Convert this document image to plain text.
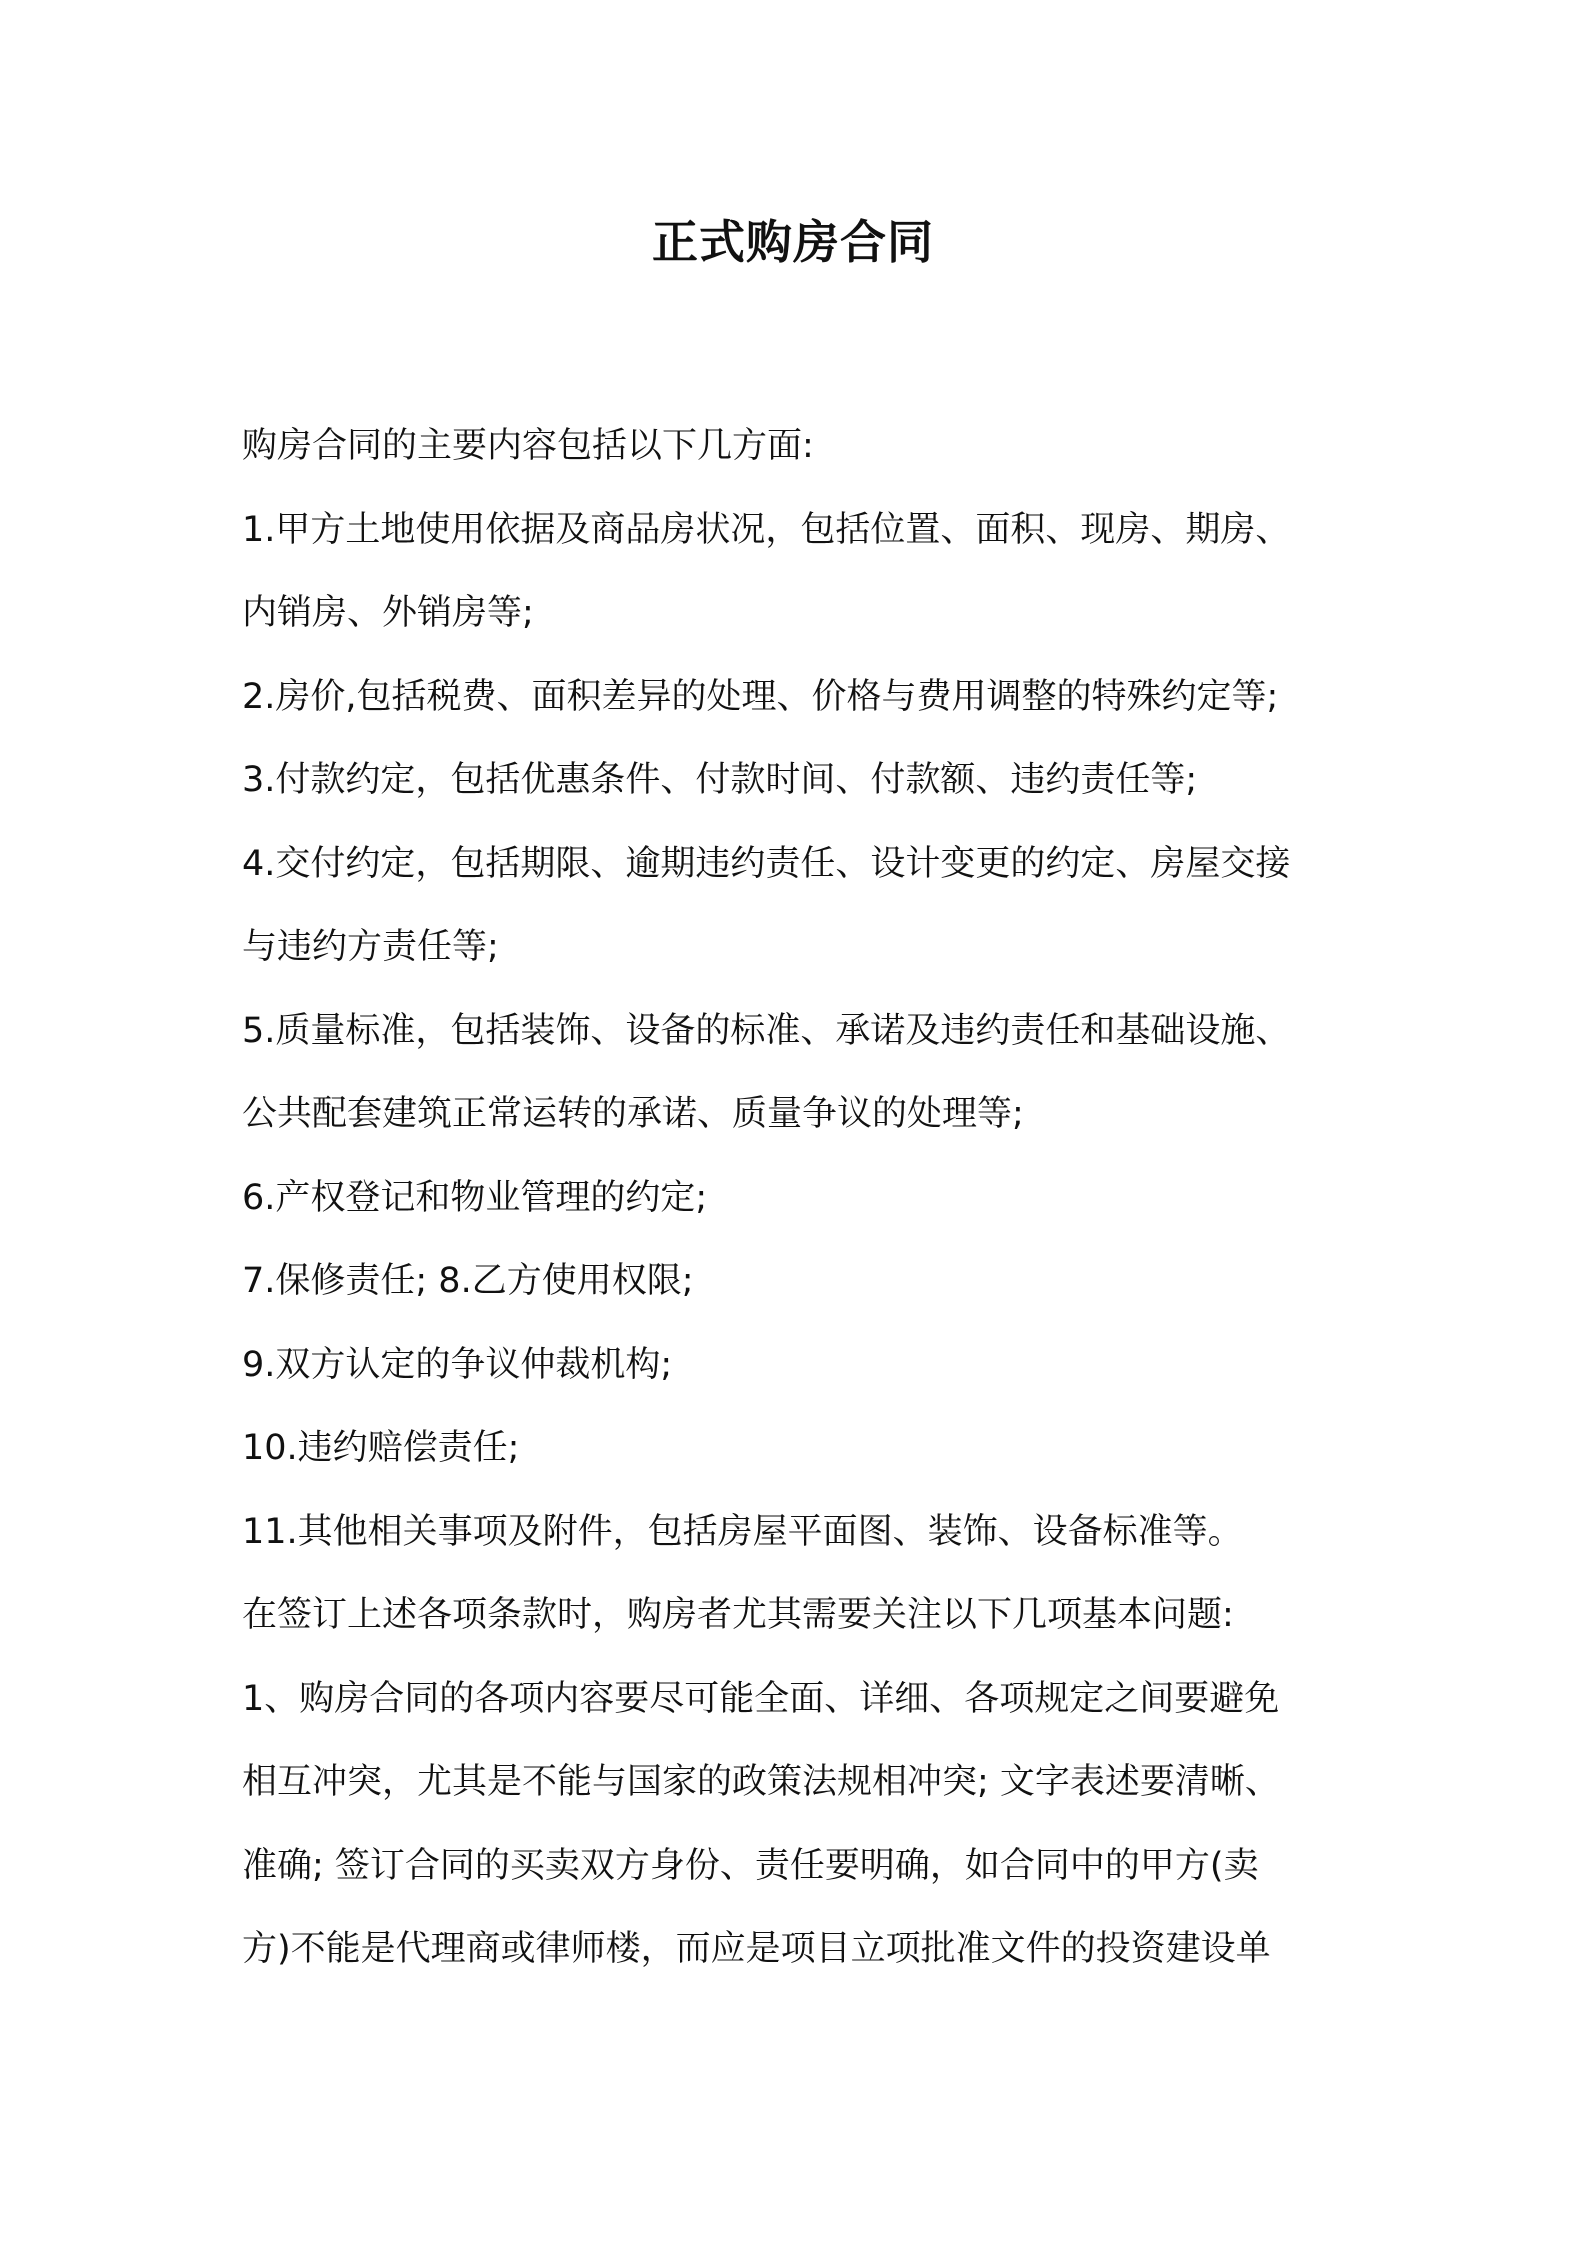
正式购房合同

购房合同的主要内容包括以下几方面:

1.甲方土地使用依据及商品房状况，包括位置、面积、现房、期房、

内销房、外销房等;

2.房价,包括税费、面积差异的处理、价格与费用调整的特殊约定等;

3.付款约定，包括优惠条件、付款时间、付款额、违约责任等;

4.交付约定，包括期限、逾期违约责任、设计变更的约定、房屋交接

与违约方责任等;

5.质量标准，包括装饰、设备的标准、承诺及违约责任和基础设施、

公共配套建筑正常运转的承诺、质量争议的处理等;

6.产权登记和物业管理的约定;

7.保修责任; 8.乙方使用权限;

9.双方认定的争议仲裁机构;

10.违约赔偿责任;

11.其他相关事项及附件，包括房屋平面图、装饰、设备标准等。

在签订上述各项条款时，购房者尤其需要关注以下几项基本问题:

1、购房合同的各项内容要尽可能全面、详细、各项规定之间要避免

相互冲突，尤其是不能与国家的政策法规相冲突; 文字表述要清晰、

准确; 签订合同的买卖双方身份、责任要明确，如合同中的甲方(卖

方)不能是代理商或律师楼，而应是项目立项批准文件的投资建设单
